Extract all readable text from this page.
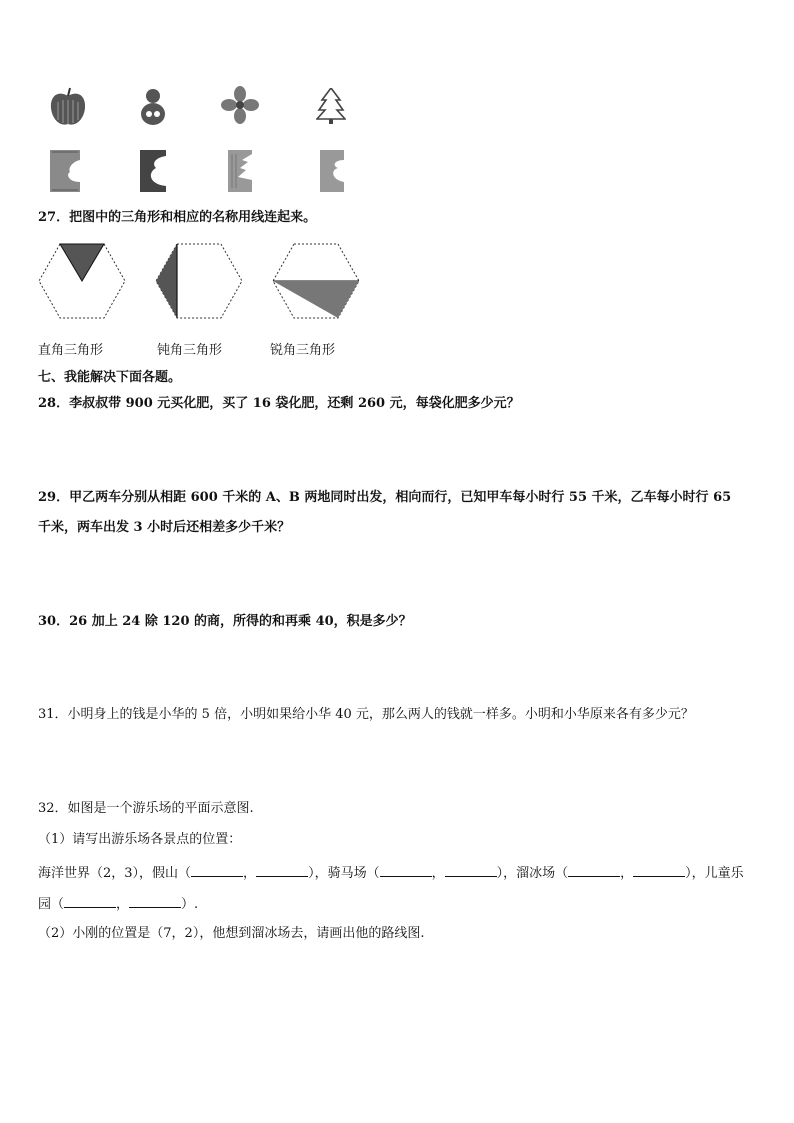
27．把图中的三角形和相应的名称用线连起来。
直角三角形	钝角三角形	锐角三角形
七、我能解决下面各题。
28．李叔叔带 900 元买化肥，买了 16 袋化肥，还剩 260 元，每袋化肥多少元？
29．甲乙两车分别从相距 600 千米的 A、B 两地同时出发，相向而行，已知甲车每小时行 55 千米，乙车每小时行 65
千米，两车出发 3 小时后还相差多少千米？
30．26 加上 24 除 120 的商，所得的和再乘 40，积是多少？
31．小明身上的钱是小华的 5 倍，小明如果给小华 40 元，那么两人的钱就一样多。小明和小华原来各有多少元？
32．如图是一个游乐场的平面示意图.
（1）请写出游乐场各景点的位置：
海洋世界（2，3），假山（	，	），骑马场（	，	），溜冰场（	，	），儿童乐
园（	，	）.
（2）小刚的位置是（7，2），他想到溜冰场去，请画出他的路线图.
